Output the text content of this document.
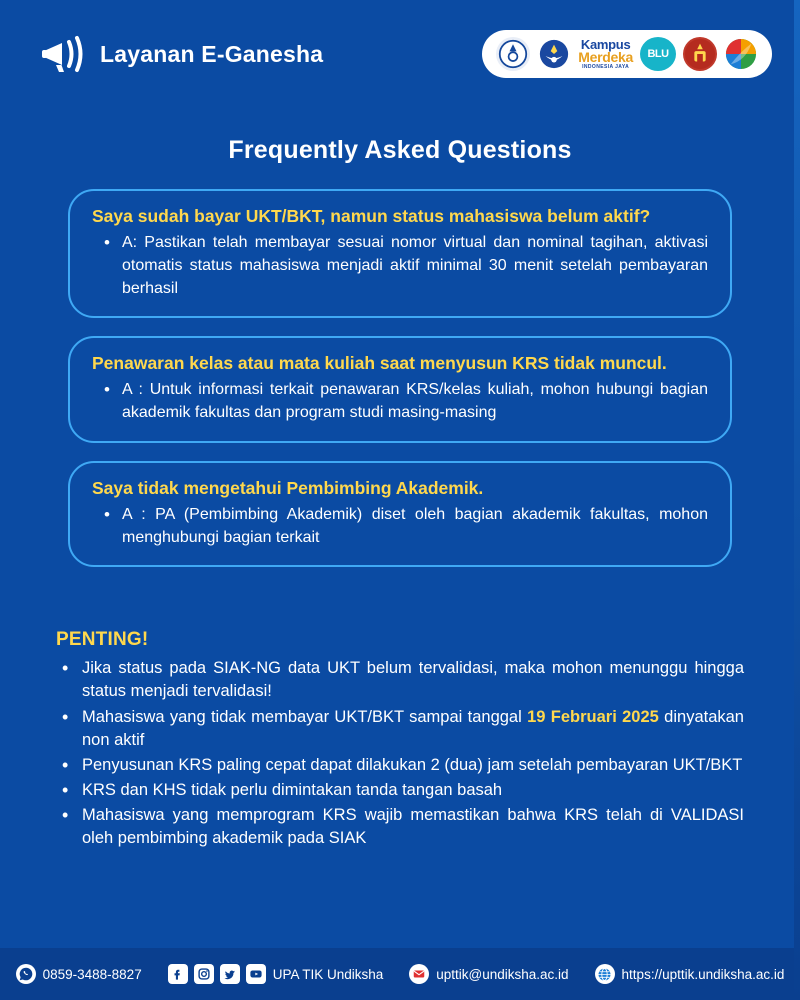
Layanan E-Ganesha	Kampus
Merdeka
INDONESIA JAYA
BLU
Frequently Asked Questions
Saya sudah bayar UKT/BKT, namun status mahasiswa belum aktif?
• A: Pastikan telah membayar sesuai nomor virtual dan nominal tagihan, aktivasi otomatis status mahasiswa menjadi aktif minimal 30 menit setelah pembayaran berhasil
Penawaran kelas atau mata kuliah saat menyusun KRS tidak muncul.
• A : Untuk informasi terkait penawaran KRS/kelas kuliah, mohon hubungi bagian akademik fakultas dan program studi masing-masing
Saya tidak mengetahui Pembimbing Akademik.
• A : PA (Pembimbing Akademik) diset oleh bagian akademik fakultas, mohon menghubungi bagian terkait
PENTING!
• Jika status pada SIAK-NG data UKT belum tervalidasi, maka mohon menunggu hingga status menjadi tervalidasi!
• Mahasiswa yang tidak membayar UKT/BKT sampai tanggal 19 Februari 2025 dinyatakan non aktif
• Penyusunan KRS paling cepat dapat dilakukan 2 (dua) jam setelah pembayaran UKT/BKT
• KRS dan KHS tidak perlu dimintakan tanda tangan basah
• Mahasiswa yang memprogram KRS wajib memastikan bahwa KRS telah di VALIDASI oleh pembimbing akademik pada SIAK
0859-3488-8827	UPA TIK Undiksha	upttik@undiksha.ac.id	https://upttik.undiksha.ac.id
